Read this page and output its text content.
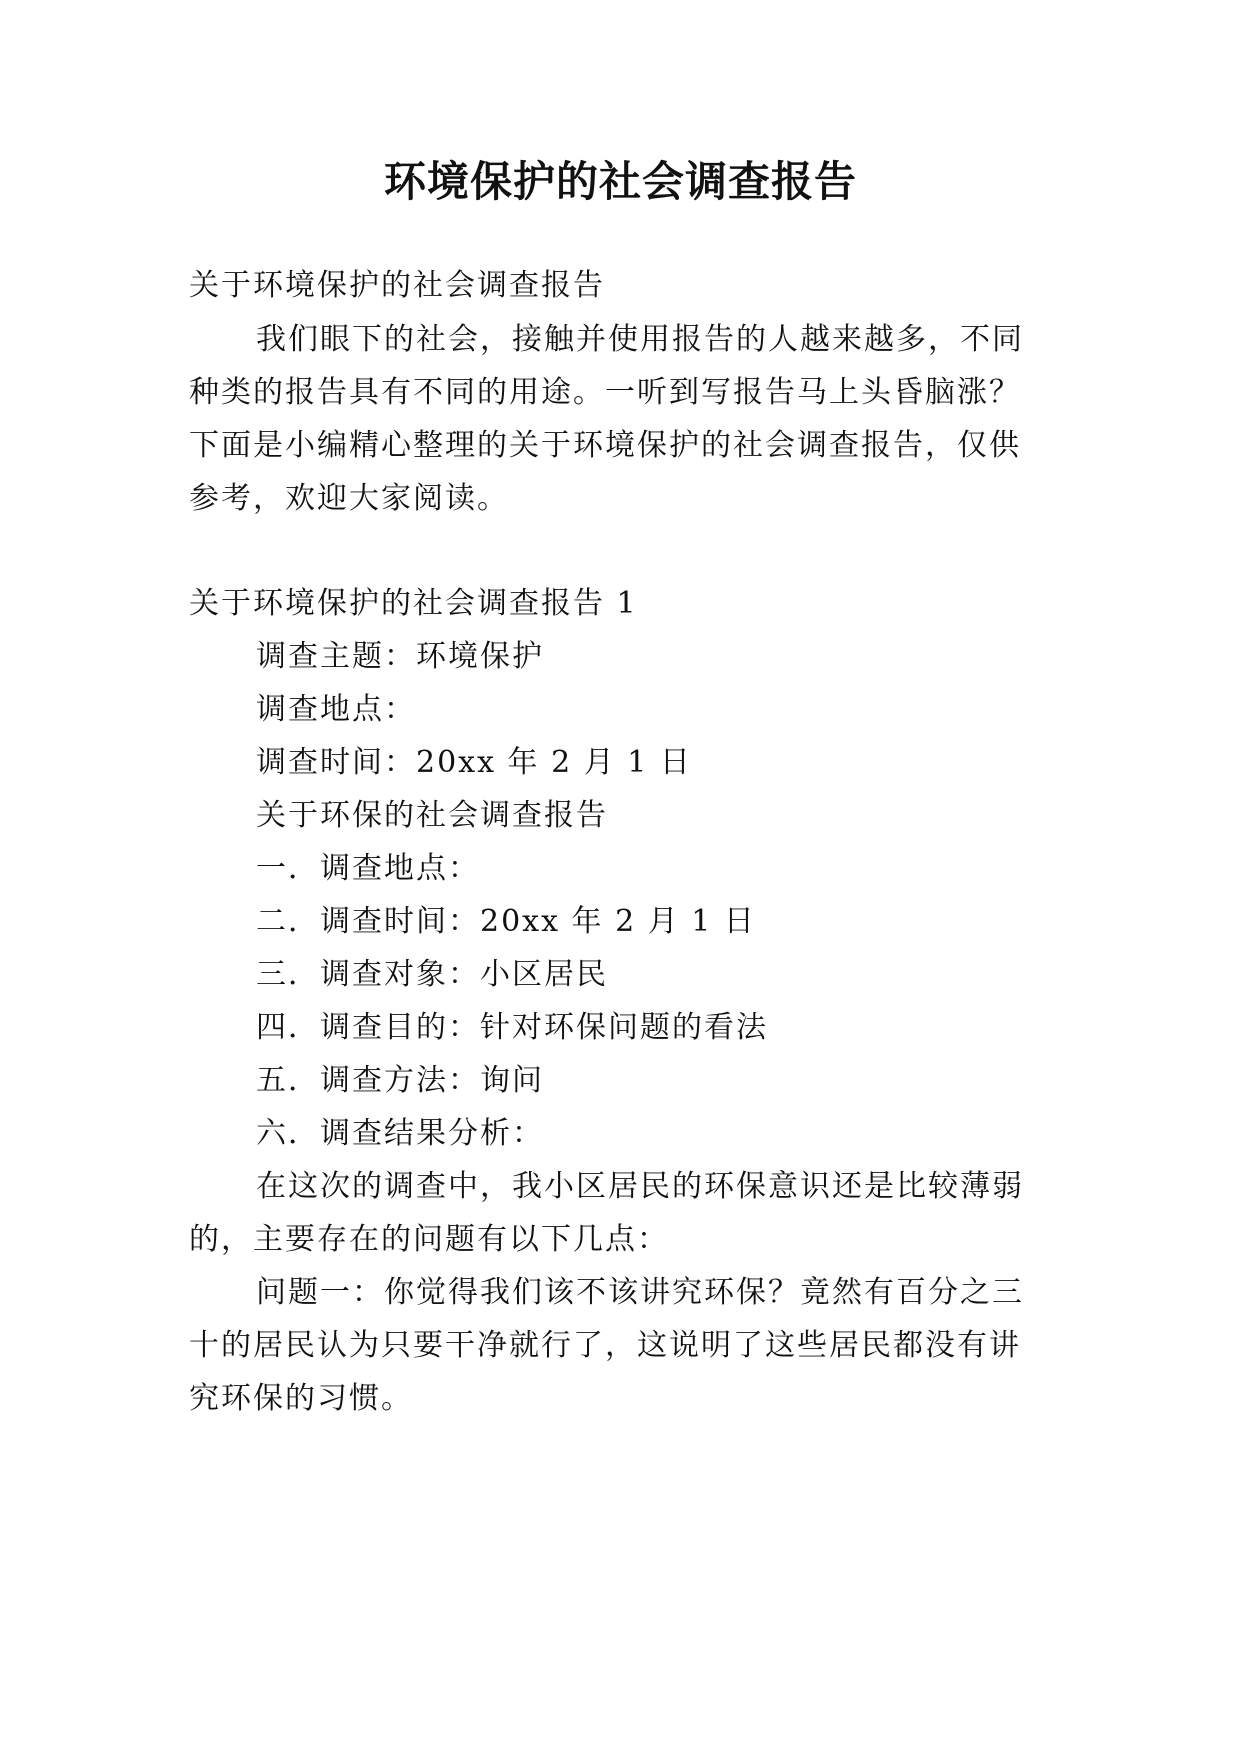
环境保护的社会调查报告
关于环境保护的社会调查报告
我们眼下的社会，接触并使用报告的人越来越多，不同
种类的报告具有不同的用途。一听到写报告马上头昏脑涨？
下面是小编精心整理的关于环境保护的社会调查报告，仅供
参考，欢迎大家阅读。
关于环境保护的社会调查报告 1
调查主题：环境保护
调查地点：
调查时间：20xx 年 2 月 1 日
关于环保的社会调查报告
一．调查地点：
二．调查时间：20xx 年 2 月 1 日
三．调查对象：小区居民
四．调查目的：针对环保问题的看法
五．调查方法：询问
六．调查结果分析：
在这次的调查中，我小区居民的环保意识还是比较薄弱
的，主要存在的问题有以下几点：
问题一：你觉得我们该不该讲究环保？竟然有百分之三
十的居民认为只要干净就行了，这说明了这些居民都没有讲
究环保的习惯。
